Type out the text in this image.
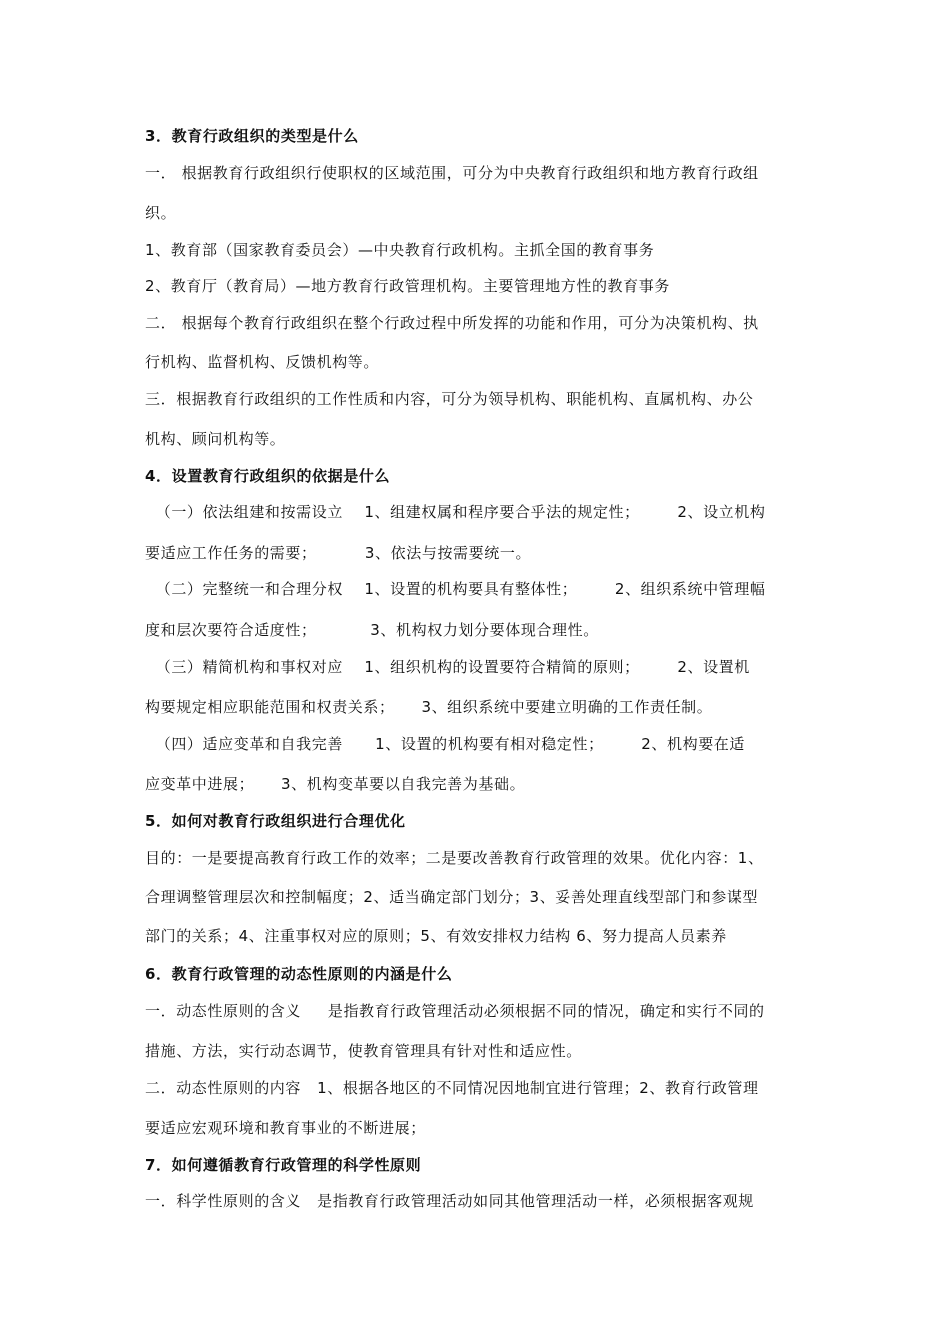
3．教育行政组织的类型是什么
一． 根据教育行政组织行使职权的区域范围，可分为中央教育行政组织和地方教育行政组
织。
1、教育部（国家教育委员会）—中央教育行政机构。主抓全国的教育事务
2、教育厅（教育局）—地方教育行政管理机构。主要管理地方性的教育事务
二． 根据每个教育行政组织在整个行政过程中所发挥的功能和作用，可分为决策机构、执
行机构、监督机构、反馈机构等。
三．根据教育行政组织的工作性质和内容，可分为领导机构、职能机构、直属机构、办公
机构、顾问机构等。
4．设置教育行政组织的依据是什么
（一）依法组建和按需设立    1、组建权属和程序要合乎法的规定性；       2、设立机构
要适应工作任务的需要；         3、依法与按需要统一。
（二）完整统一和合理分权    1、设置的机构要具有整体性；       2、组织系统中管理幅
度和层次要符合适度性；          3、机构权力划分要体现合理性。
（三）精简机构和事权对应    1、组织机构的设置要符合精简的原则；       2、设置机
构要规定相应职能范围和权责关系；     3、组织系统中要建立明确的工作责任制。
（四）适应变革和自我完善      1、设置的机构要有相对稳定性；       2、机构要在适
应变革中进展；     3、机构变革要以自我完善为基础。
5．如何对教育行政组织进行合理优化
目的：一是要提高教育行政工作的效率；二是要改善教育行政管理的效果。优化内容：1、
合理调整管理层次和控制幅度；2、适当确定部门划分；3、妥善处理直线型部门和参谋型
部门的关系；4、注重事权对应的原则；5、有效安排权力结构 6、努力提高人员素养
6．教育行政管理的动态性原则的内涵是什么
一．动态性原则的含义     是指教育行政管理活动必须根据不同的情况，确定和实行不同的
措施、方法，实行动态调节，使教育管理具有针对性和适应性。
二．动态性原则的内容   1、根据各地区的不同情况因地制宜进行管理；2、教育行政管理
要适应宏观环境和教育事业的不断进展；
7．如何遵循教育行政管理的科学性原则
一．科学性原则的含义   是指教育行政管理活动如同其他管理活动一样，必须根据客观规
